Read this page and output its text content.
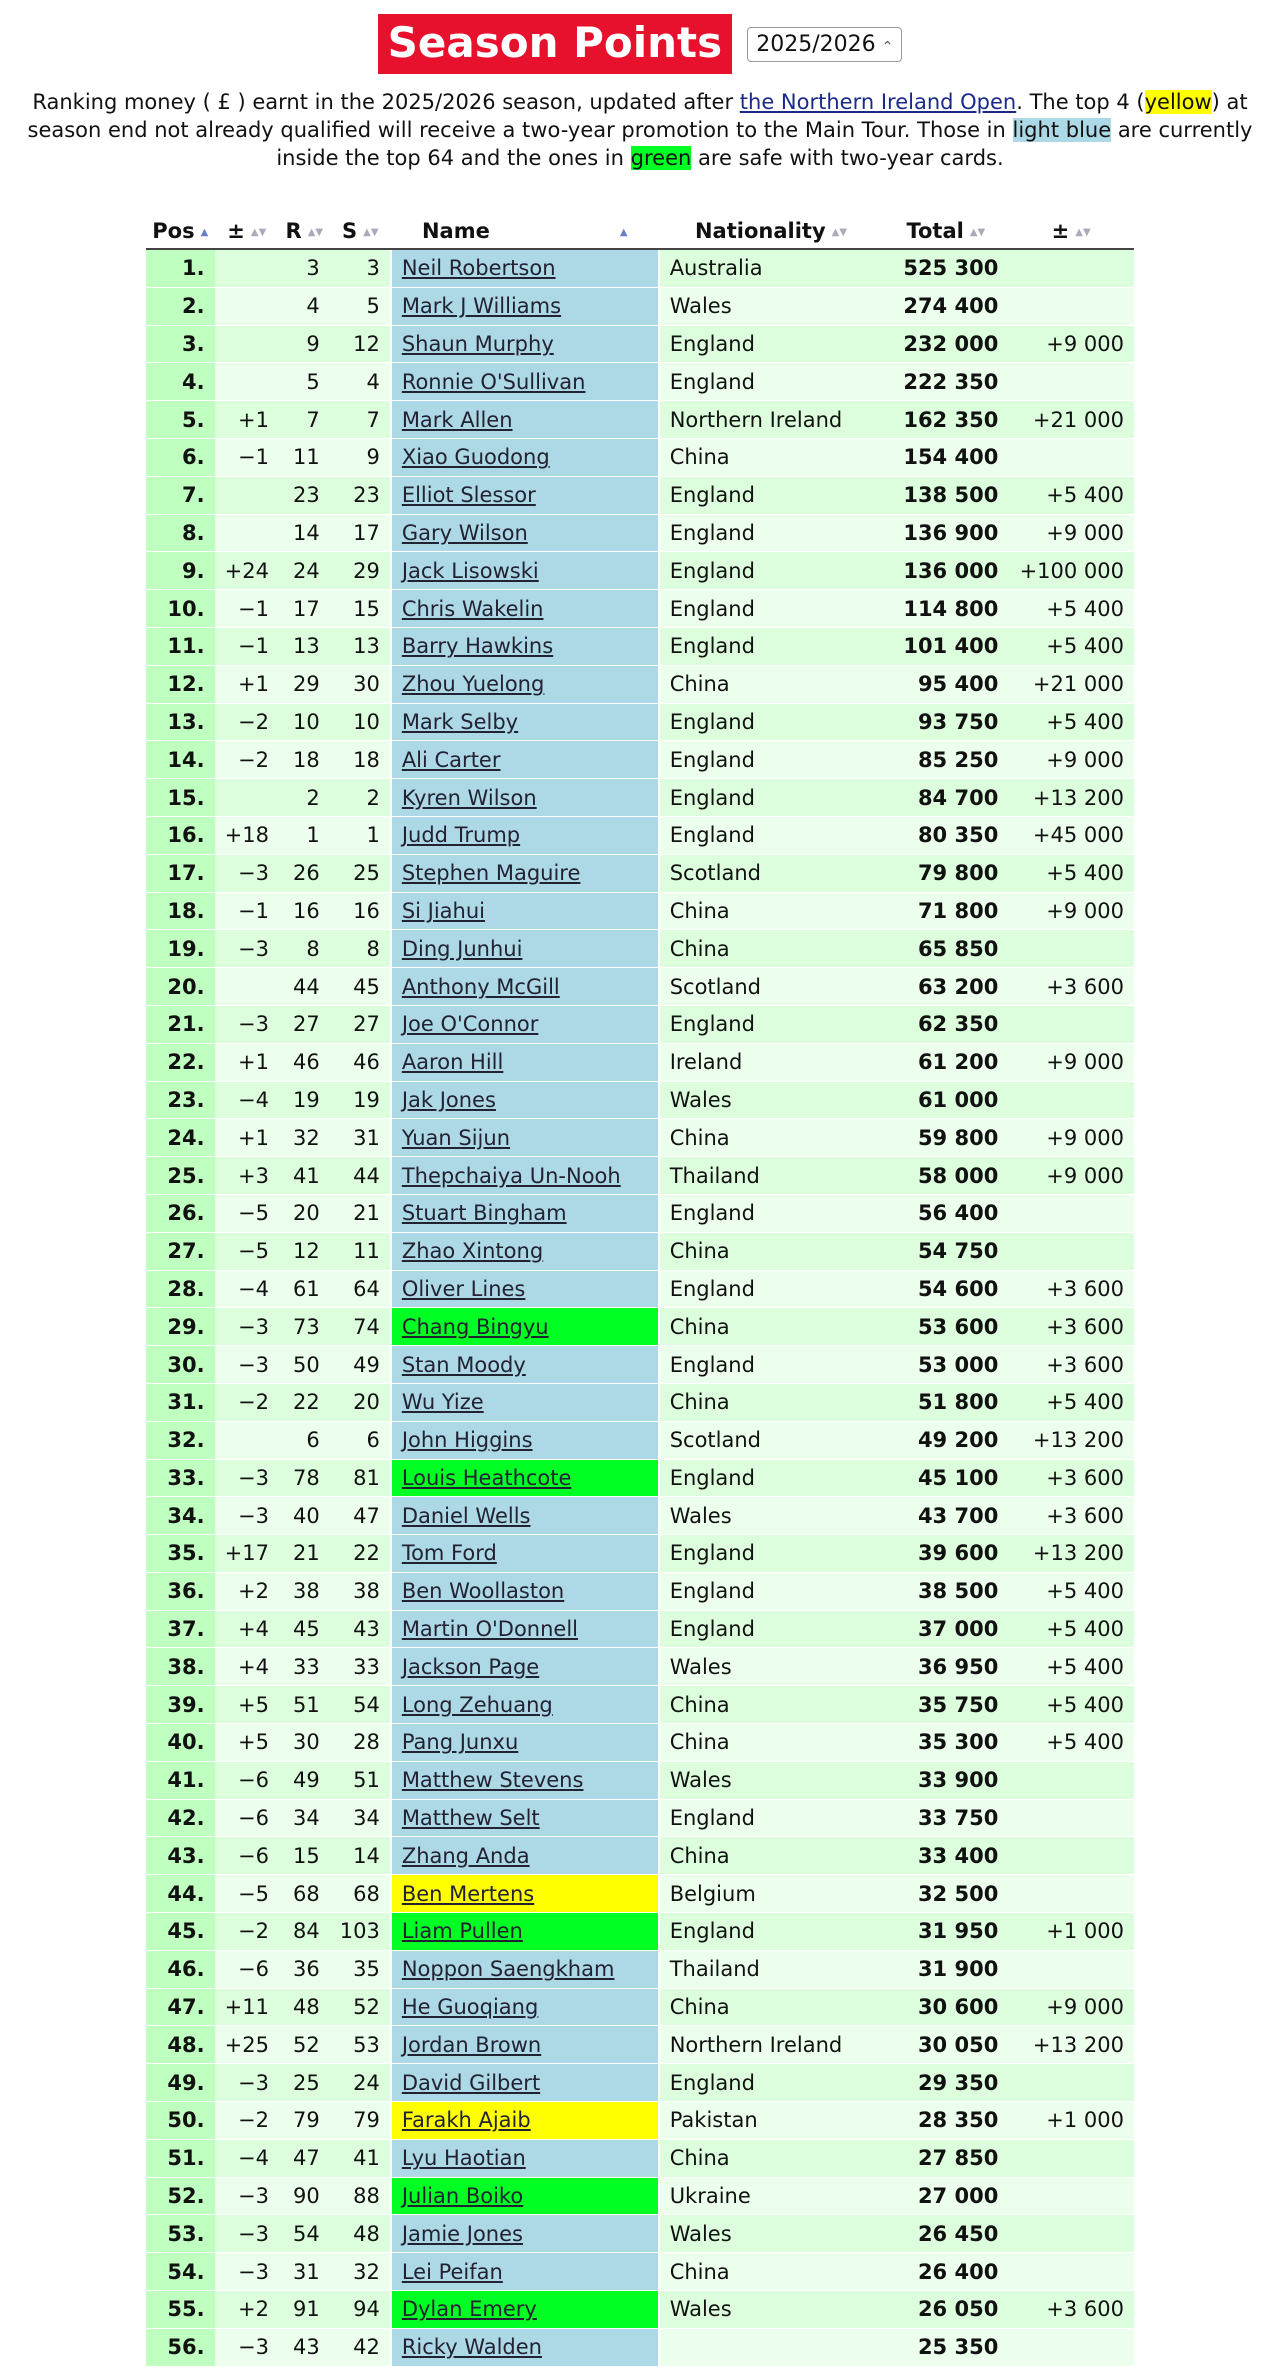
Season Points 2025/2026 ⌃
Ranking money ( £ ) earnt in the 2025/2026 season, updated after the Northern Ireland Open. The top 4 (yellow) at season end not already qualified will receive a two-year promotion to the Main Tour. Those in light blue are currently inside the top 64 and the ones in green are safe with two-year cards.
Pos ▲	± ▲▼	R ▲▼	S ▲▼	Name ▲	Nationality ▲▼	Total ▲▼	± ▲▼
1.		3	3	Neil Robertson	Australia	525 300	
2.		4	5	Mark J Williams	Wales	274 400	
3.		9	12	Shaun Murphy	England	232 000	+9 000
4.		5	4	Ronnie O'Sullivan	England	222 350	
5.	+1	7	7	Mark Allen	Northern Ireland	162 350	+21 000
6.	−1	11	9	Xiao Guodong	China	154 400	
7.		23	23	Elliot Slessor	England	138 500	+5 400
8.		14	17	Gary Wilson	England	136 900	+9 000
9.	+24	24	29	Jack Lisowski	England	136 000	+100 000
10.	−1	17	15	Chris Wakelin	England	114 800	+5 400
11.	−1	13	13	Barry Hawkins	England	101 400	+5 400
12.	+1	29	30	Zhou Yuelong	China	95 400	+21 000
13.	−2	10	10	Mark Selby	England	93 750	+5 400
14.	−2	18	18	Ali Carter	England	85 250	+9 000
15.		2	2	Kyren Wilson	England	84 700	+13 200
16.	+18	1	1	Judd Trump	England	80 350	+45 000
17.	−3	26	25	Stephen Maguire	Scotland	79 800	+5 400
18.	−1	16	16	Si Jiahui	China	71 800	+9 000
19.	−3	8	8	Ding Junhui	China	65 850	
20.		44	45	Anthony McGill	Scotland	63 200	+3 600
21.	−3	27	27	Joe O'Connor	England	62 350	
22.	+1	46	46	Aaron Hill	Ireland	61 200	+9 000
23.	−4	19	19	Jak Jones	Wales	61 000	
24.	+1	32	31	Yuan Sijun	China	59 800	+9 000
25.	+3	41	44	Thepchaiya Un-Nooh	Thailand	58 000	+9 000
26.	−5	20	21	Stuart Bingham	England	56 400	
27.	−5	12	11	Zhao Xintong	China	54 750	
28.	−4	61	64	Oliver Lines	England	54 600	+3 600
29.	−3	73	74	Chang Bingyu	China	53 600	+3 600
30.	−3	50	49	Stan Moody	England	53 000	+3 600
31.	−2	22	20	Wu Yize	China	51 800	+5 400
32.		6	6	John Higgins	Scotland	49 200	+13 200
33.	−3	78	81	Louis Heathcote	England	45 100	+3 600
34.	−3	40	47	Daniel Wells	Wales	43 700	+3 600
35.	+17	21	22	Tom Ford	England	39 600	+13 200
36.	+2	38	38	Ben Woollaston	England	38 500	+5 400
37.	+4	45	43	Martin O'Donnell	England	37 000	+5 400
38.	+4	33	33	Jackson Page	Wales	36 950	+5 400
39.	+5	51	54	Long Zehuang	China	35 750	+5 400
40.	+5	30	28	Pang Junxu	China	35 300	+5 400
41.	−6	49	51	Matthew Stevens	Wales	33 900	
42.	−6	34	34	Matthew Selt	England	33 750	
43.	−6	15	14	Zhang Anda	China	33 400	
44.	−5	68	68	Ben Mertens	Belgium	32 500	
45.	−2	84	103	Liam Pullen	England	31 950	+1 000
46.	−6	36	35	Noppon Saengkham	Thailand	31 900	
47.	+11	48	52	He Guoqiang	China	30 600	+9 000
48.	+25	52	53	Jordan Brown	Northern Ireland	30 050	+13 200
49.	−3	25	24	David Gilbert	England	29 350	
50.	−2	79	79	Farakh Ajaib	Pakistan	28 350	+1 000
51.	−4	47	41	Lyu Haotian	China	27 850	
52.	−3	90	88	Julian Boiko	Ukraine	27 000	
53.	−3	54	48	Jamie Jones	Wales	26 450	
54.	−3	31	32	Lei Peifan	China	26 400	
55.	+2	91	94	Dylan Emery	Wales	26 050	+3 600
56.	−3	43	42	Ricky Walden		25 350	
